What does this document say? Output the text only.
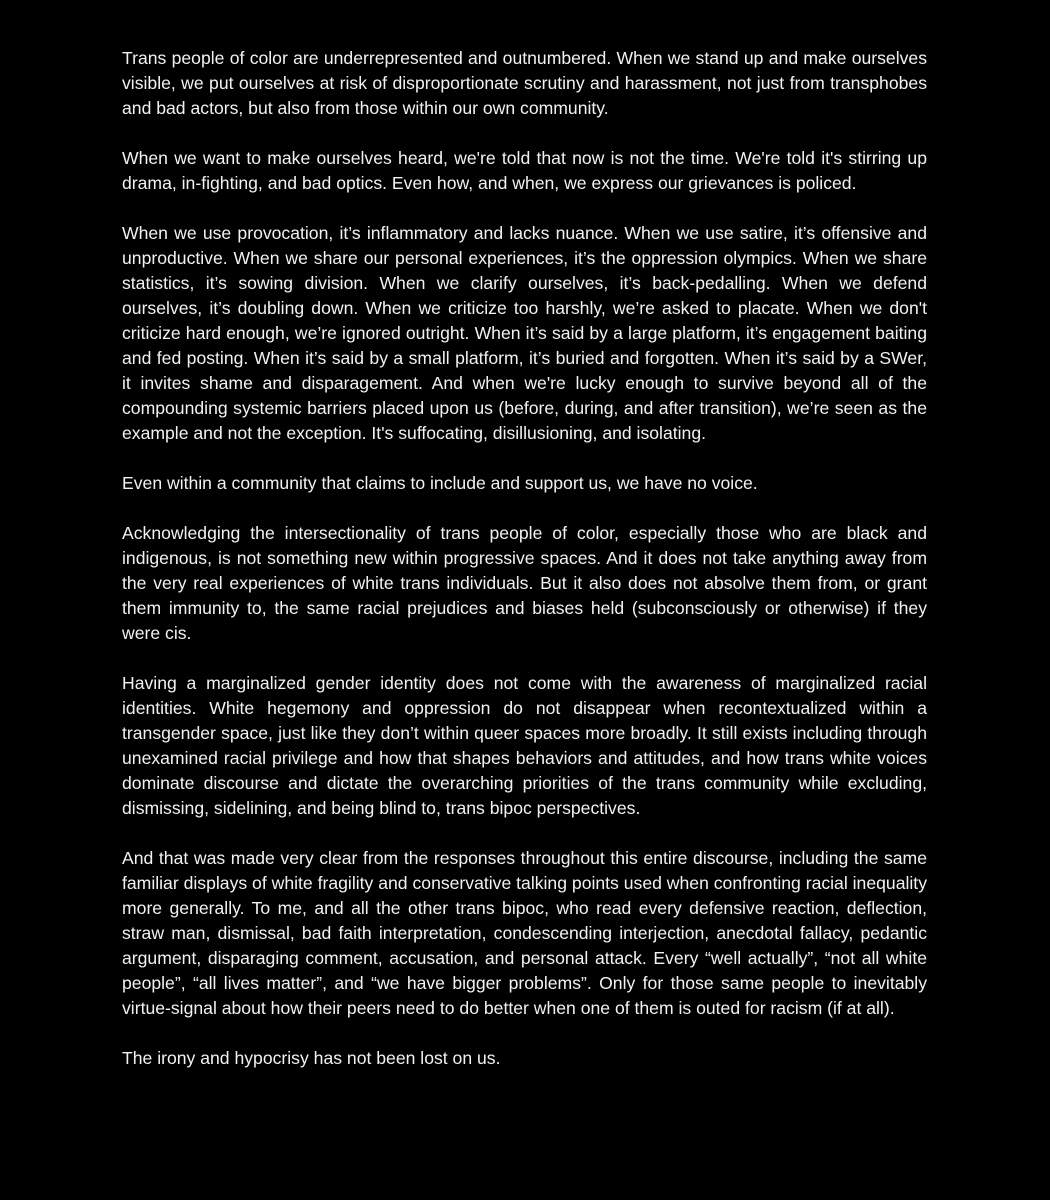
Trans people of color are underrepresented and outnumbered. When we stand up and make ourselves visible, we put ourselves at risk of disproportionate scrutiny and harassment, not just from transphobes and bad actors, but also from those within our own community.

When we want to make ourselves heard, we're told that now is not the time. We're told it's stirring up drama, in-fighting, and bad optics. Even how, and when, we express our grievances is policed.

When we use provocation, it’s inflammatory and lacks nuance. When we use satire, it’s offensive and unproductive. When we share our personal experiences, it’s the oppression olympics. When we share statistics, it’s sowing division. When we clarify ourselves, it’s back-pedalling. When we defend ourselves, it’s doubling down. When we criticize too harshly, we’re asked to placate. When we don't criticize hard enough, we’re ignored outright. When it’s said by a large platform, it’s engagement baiting and fed posting. When it’s said by a small platform, it’s buried and forgotten. When it’s said by a SWer, it invites shame and disparagement. And when we're lucky enough to survive beyond all of the compounding systemic barriers placed upon us (before, during, and after transition), we’re seen as the example and not the exception. It's suffocating, disillusioning, and isolating.

Even within a community that claims to include and support us, we have no voice.

Acknowledging the intersectionality of trans people of color, especially those who are black and indigenous, is not something new within progressive spaces. And it does not take anything away from the very real experiences of white trans individuals. But it also does not absolve them from, or grant them immunity to, the same racial prejudices and biases held (subconsciously or otherwise) if they were cis.

Having a marginalized gender identity does not come with the awareness of marginalized racial identities. White hegemony and oppression do not disappear when recontextualized within a transgender space, just like they don’t within queer spaces more broadly. It still exists including through unexamined racial privilege and how that shapes behaviors and attitudes, and how trans white voices dominate discourse and dictate the overarching priorities of the trans community while excluding, dismissing, sidelining, and being blind to, trans bipoc perspectives.

And that was made very clear from the responses throughout this entire discourse, including the same familiar displays of white fragility and conservative talking points used when confronting racial inequality more generally. To me, and all the other trans bipoc, who read every defensive reaction, deflection, straw man, dismissal, bad faith interpretation, condescending interjection, anecdotal fallacy, pedantic argument, disparaging comment, accusation, and personal attack. Every “well actually”, “not all white people”, “all lives matter”, and “we have bigger problems”. Only for those same people to inevitably virtue-signal about how their peers need to do better when one of them is outed for racism (if at all).

The irony and hypocrisy has not been lost on us.
